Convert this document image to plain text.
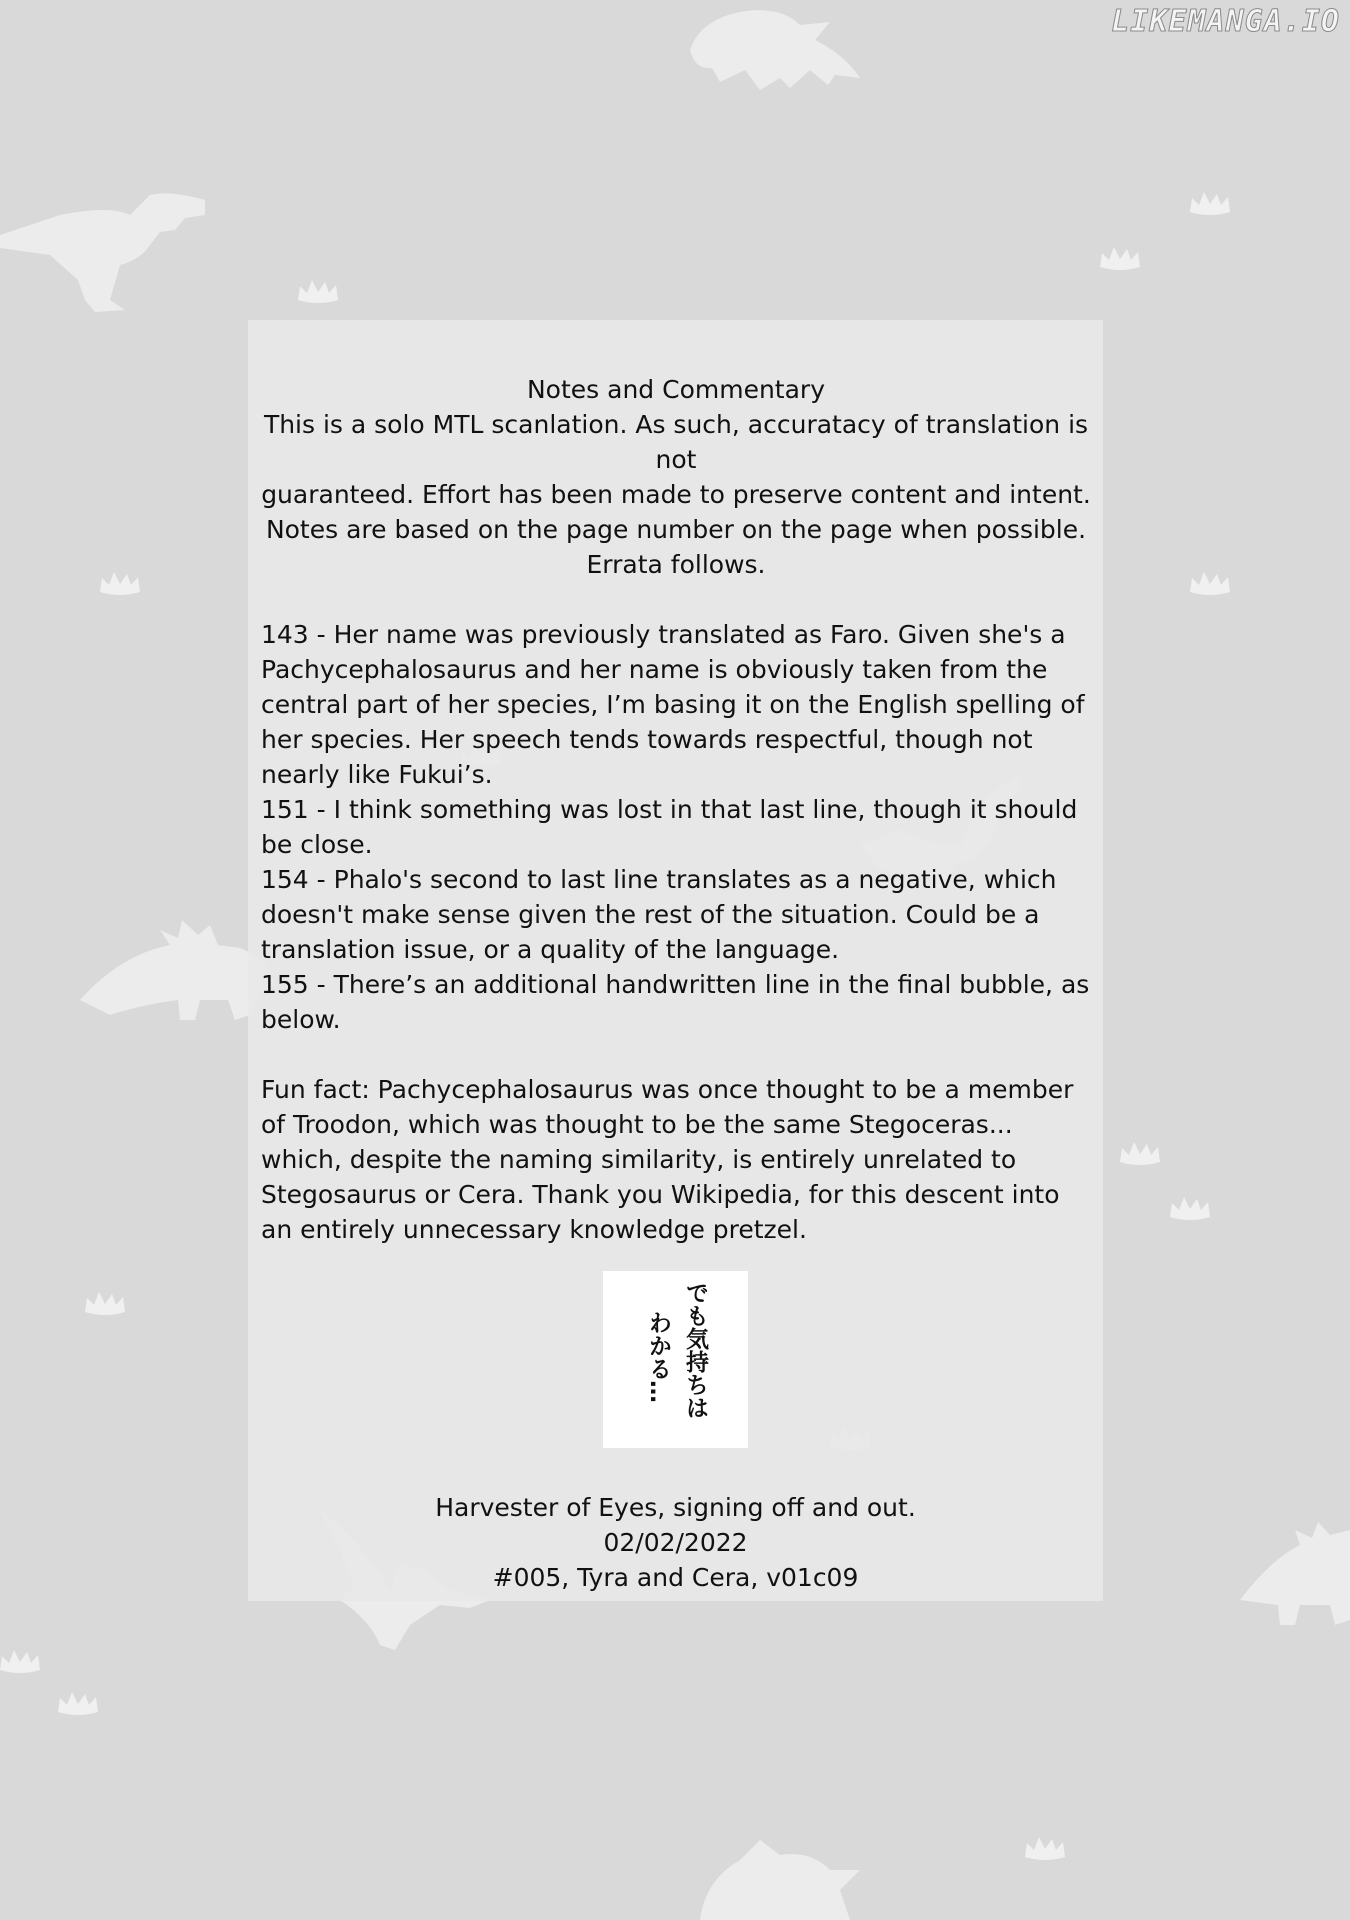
LIKEMANGA.IO
Notes and Commentary
This is a solo MTL scanlation. As such, accuratacy of translation is not
guaranteed. Effort has been made to preserve content and intent.
Notes are based on the page number on the page when possible.
Errata follows.
143 - Her name was previously translated as Faro. Given she's a Pachycephalosaurus and her name is obviously taken from the central part of her species, I’m basing it on the English spelling of her species. Her speech tends towards respectful, though not nearly like Fukui’s.
151 - I think something was lost in that last line, though it should be close.
154 - Phalo's second to last line translates as a negative, which doesn't make sense given the rest of the situation. Could be a translation issue, or a quality of the language.
155 - There’s an additional handwritten line in the final bubble, as below.
Fun fact: Pachycephalosaurus was once thought to be a member of Troodon, which was thought to be the same Stegoceras... which, despite the naming similarity, is entirely unrelated to Stegosaurus or Cera. Thank you Wikipedia, for this descent into an entirely unnecessary knowledge pretzel.
でも気持ちは
わかる…
Harvester of Eyes, signing off and out.
02/02/2022
#005, Tyra and Cera, v01c09
